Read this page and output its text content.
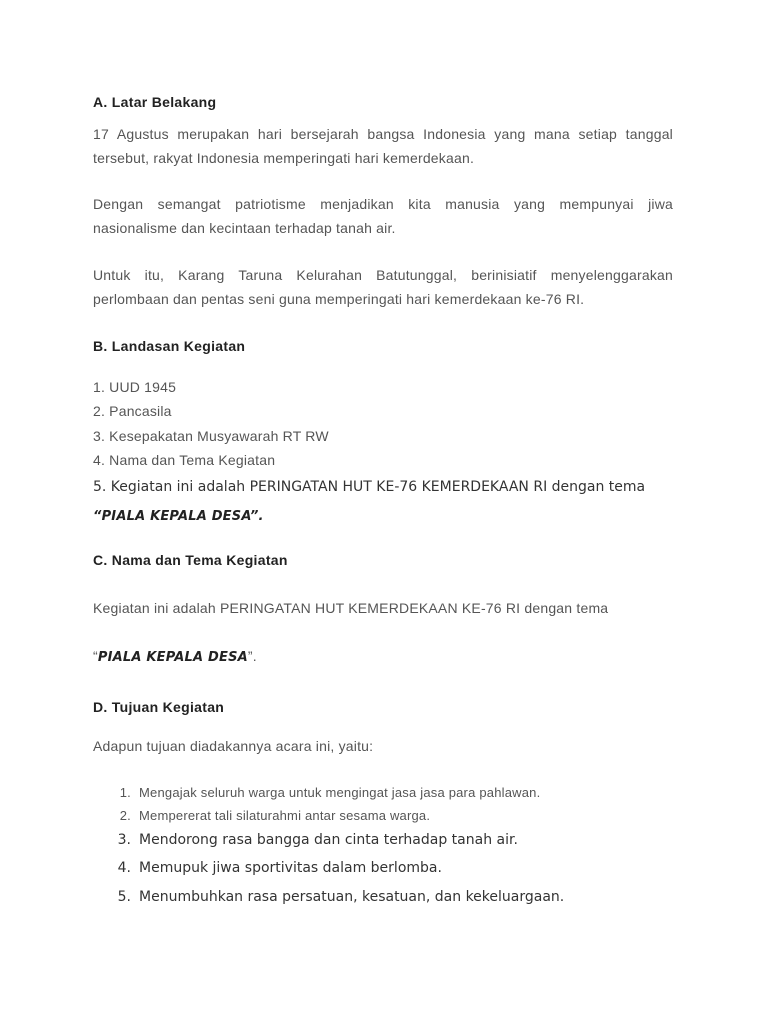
A. Latar Belakang
17 Agustus merupakan hari bersejarah bangsa Indonesia yang mana setiap tanggal tersebut, rakyat Indonesia memperingati hari kemerdekaan.
Dengan semangat patriotisme menjadikan kita manusia yang mempunyai jiwa nasionalisme dan kecintaan terhadap tanah air.
Untuk itu, Karang Taruna Kelurahan Batutunggal, berinisiatif menyelenggarakan perlombaan dan pentas seni guna memperingati hari kemerdekaan ke-76 RI.
B. Landasan Kegiatan
1. UUD 1945
2. Pancasila
3. Kesepakatan Musyawarah RT RW
4. Nama dan Tema Kegiatan
5. Kegiatan ini adalah PERINGATAN HUT KE-76 KEMERDEKAAN RI dengan tema
“PIALA KEPALA DESA”.
C. Nama dan Tema Kegiatan
Kegiatan ini adalah PERINGATAN HUT KEMERDEKAAN KE-76 RI dengan tema
“PIALA KEPALA DESA”.
D. Tujuan Kegiatan
Adapun tujuan diadakannya acara ini, yaitu:
1. Mengajak seluruh warga untuk mengingat jasa jasa para pahlawan.
2. Mempererat tali silaturahmi antar sesama warga.
3. Mendorong rasa bangga dan cinta terhadap tanah air.
4. Memupuk jiwa sportivitas dalam berlomba.
5. Menumbuhkan rasa persatuan, kesatuan, dan kekeluargaan.
